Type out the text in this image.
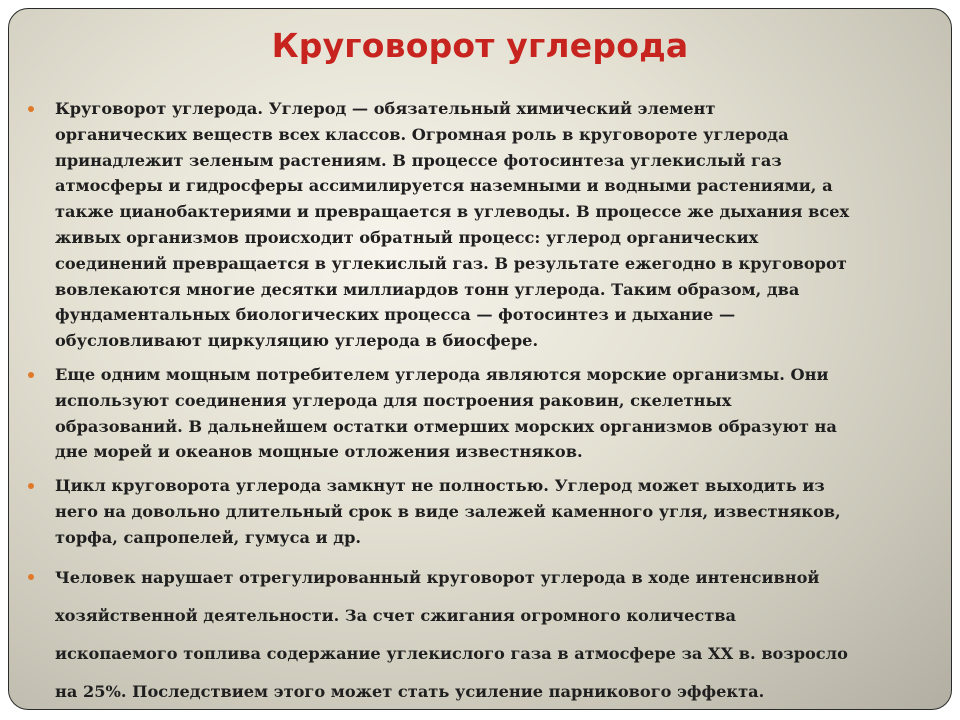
Круговорот углерода
Круговорот углерода. Углерод — обязательный химический элемент
органических веществ всех классов. Огромная роль в круговороте углерода
принадлежит зеленым растениям. В процессе фотосинтеза углекислый газ
атмосферы и гидросферы ассимилируется наземными и водными растениями, а
также цианобактериями и превращается в углеводы. В процессе же дыхания всех
живых организмов происходит обратный процесс: углерод органических
соединений превращается в углекислый газ. В результате ежегодно в круговорот
вовлекаются многие десятки миллиардов тонн углерода. Таким образом, два
фундаментальных биологических процесса — фотосинтез и дыхание —
обусловливают циркуляцию углерода в биосфере.
Еще одним мощным потребителем углерода являются морские организмы. Они
используют соединения углерода для построения раковин, скелетных
образований. В дальнейшем остатки отмерших морских организмов образуют на
дне морей и океанов мощные отложения известняков.
Цикл круговорота углерода замкнут не полностью. Углерод может выходить из
него на довольно длительный срок в виде залежей каменного угля, известняков,
торфа, сапропелей, гумуса и др.
Человек нарушает отрегулированный круговорот углерода в ходе интенсивной
хозяйственной деятельности. За счет сжигания огромного количества
ископаемого топлива содержание углекислого газа в атмосфере за XX в. возросло
на 25%. Последствием этого может стать усиление парникового эффекта.
